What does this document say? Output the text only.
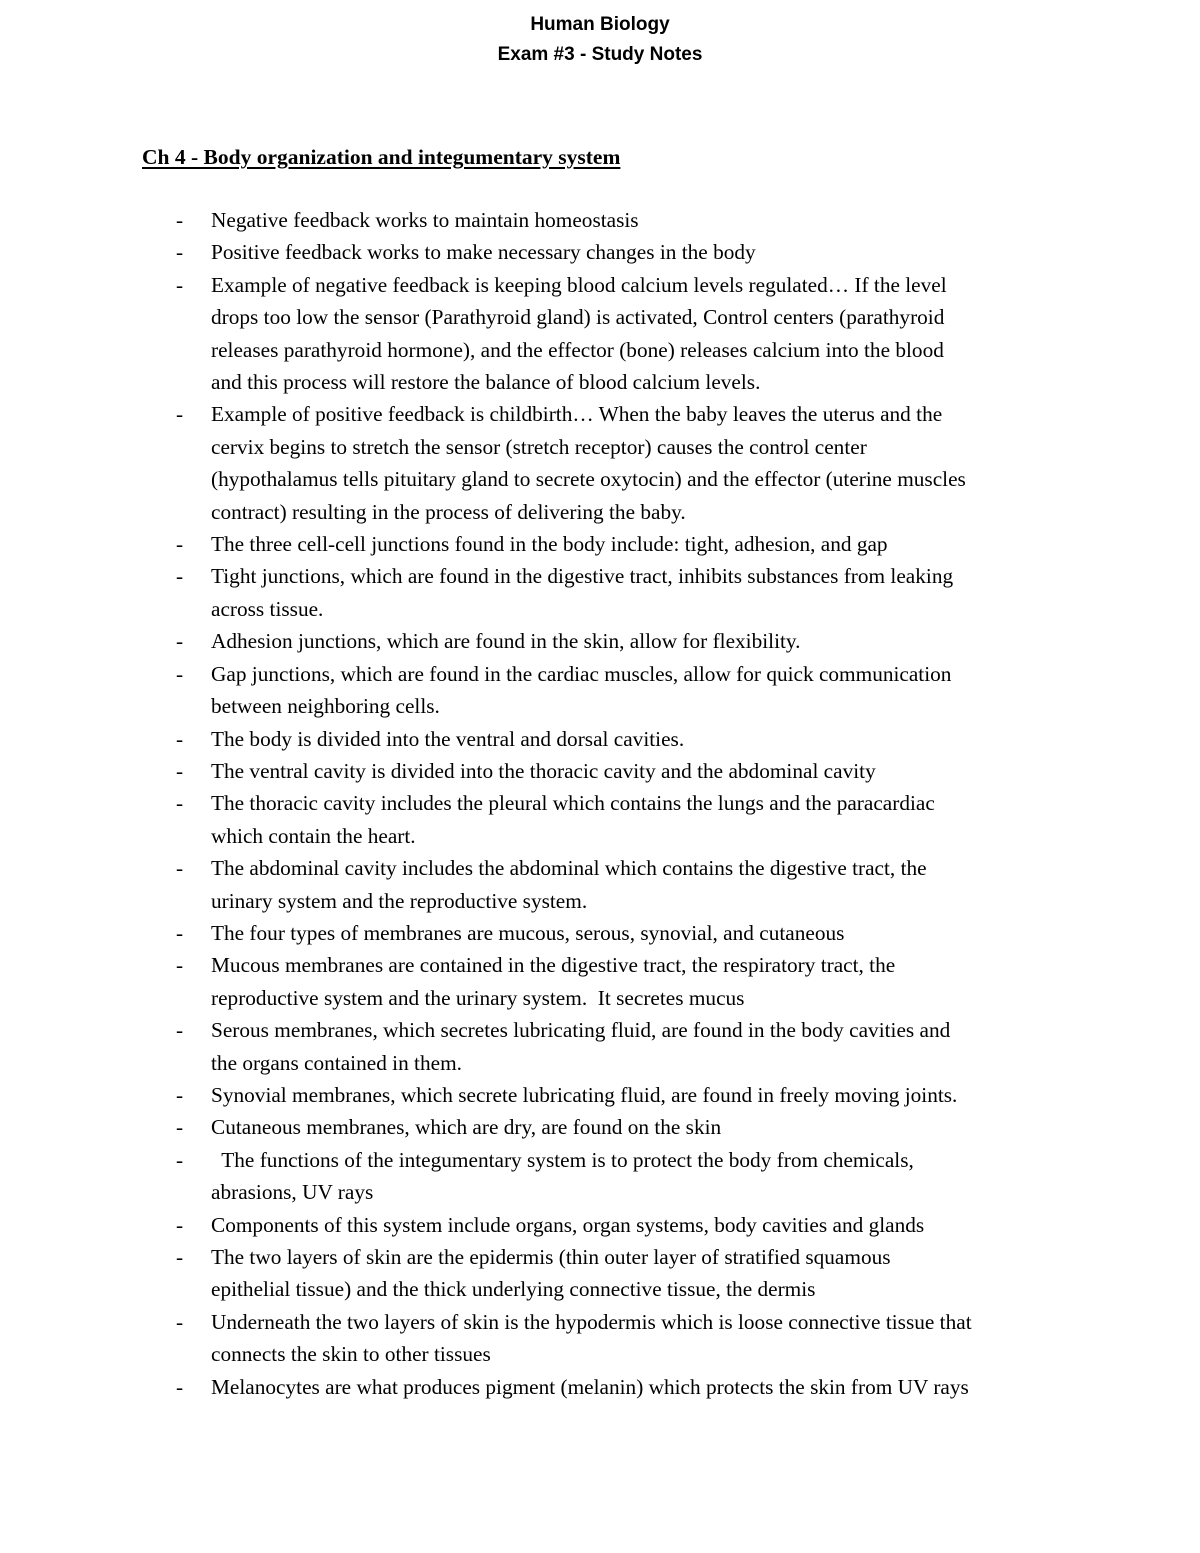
Human Biology
Exam #3 - Study Notes
Ch 4 - Body organization and integumentary system
- Negative feedback works to maintain homeostasis
- Positive feedback works to make necessary changes in the body
- Example of negative feedback is keeping blood calcium levels regulated… If the level
drops too low the sensor (Parathyroid gland) is activated, Control centers (parathyroid
releases parathyroid hormone), and the effector (bone) releases calcium into the blood
and this process will restore the balance of blood calcium levels.
- Example of positive feedback is childbirth… When the baby leaves the uterus and the
cervix begins to stretch the sensor (stretch receptor) causes the control center
(hypothalamus tells pituitary gland to secrete oxytocin) and the effector (uterine muscles
contract) resulting in the process of delivering the baby.
- The three cell-cell junctions found in the body include: tight, adhesion, and gap
- Tight junctions, which are found in the digestive tract, inhibits substances from leaking
across tissue.
- Adhesion junctions, which are found in the skin, allow for flexibility.
- Gap junctions, which are found in the cardiac muscles, allow for quick communication
between neighboring cells.
- The body is divided into the ventral and dorsal cavities.
- The ventral cavity is divided into the thoracic cavity and the abdominal cavity
- The thoracic cavity includes the pleural which contains the lungs and the paracardiac
which contain the heart.
- The abdominal cavity includes the abdominal which contains the digestive tract, the
urinary system and the reproductive system.
- The four types of membranes are mucous, serous, synovial, and cutaneous
- Mucous membranes are contained in the digestive tract, the respiratory tract, the
reproductive system and the urinary system.  It secretes mucus
- Serous membranes, which secretes lubricating fluid, are found in the body cavities and
the organs contained in them.
- Synovial membranes, which secrete lubricating fluid, are found in freely moving joints.
- Cutaneous membranes, which are dry, are found on the skin
- The functions of the integumentary system is to protect the body from chemicals,
abrasions, UV rays
- Components of this system include organs, organ systems, body cavities and glands
- The two layers of skin are the epidermis (thin outer layer of stratified squamous
epithelial tissue) and the thick underlying connective tissue, the dermis
- Underneath the two layers of skin is the hypodermis which is loose connective tissue that
connects the skin to other tissues
- Melanocytes are what produces pigment (melanin) which protects the skin from UV rays
